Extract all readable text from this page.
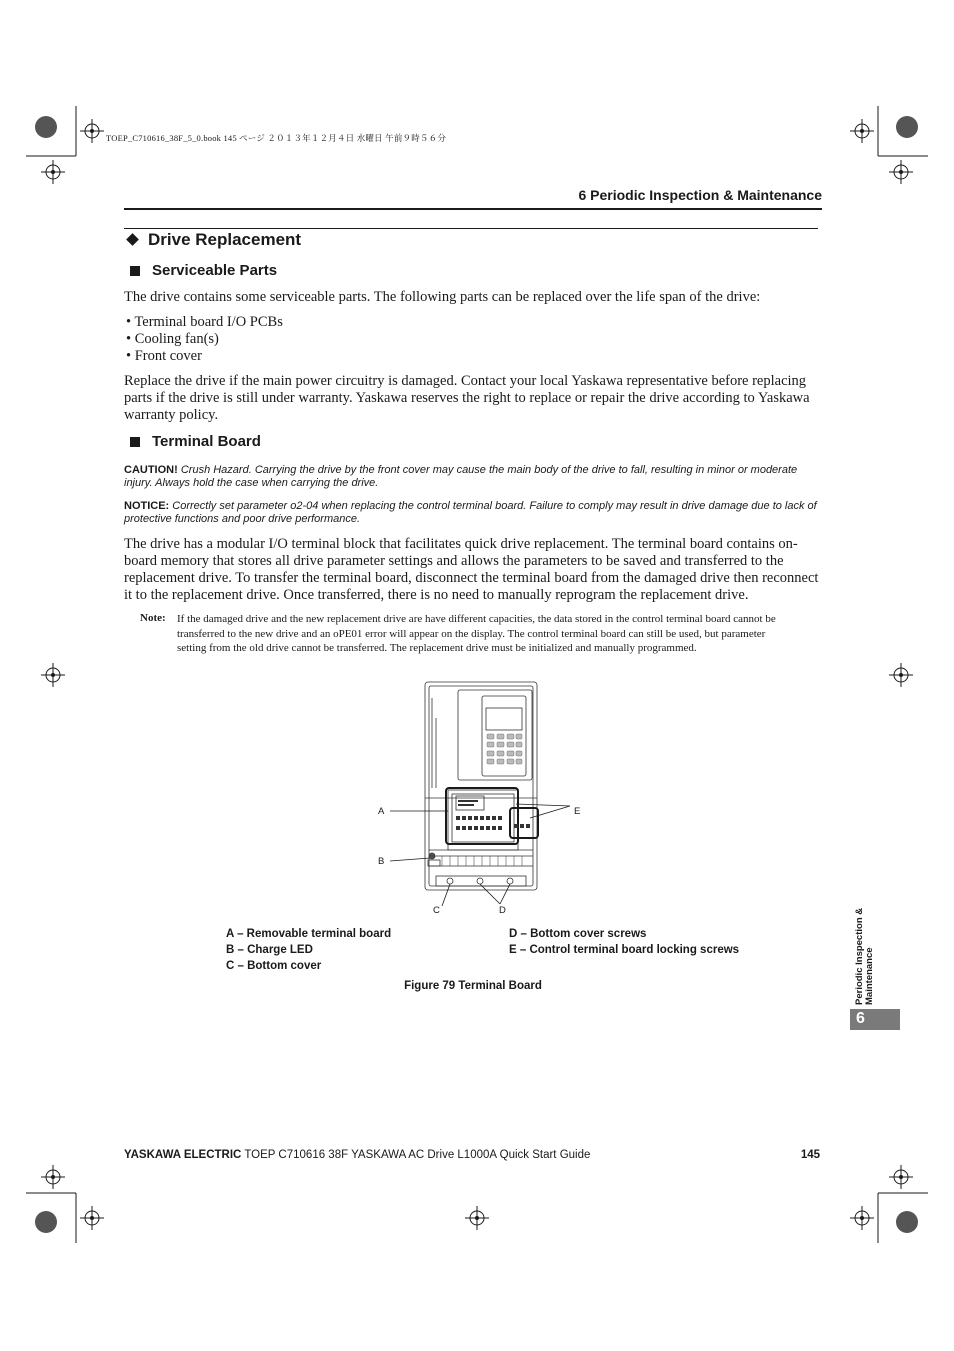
TOEP_C710616_38F_5_0.book 145 ページ ２０１３年１２月４日 水曜日 午前９時５６分
6 Periodic Inspection & Maintenance
Drive Replacement
Serviceable Parts
The drive contains some serviceable parts. The following parts can be replaced over the life span of the drive:
• Terminal board I/O PCBs
• Cooling fan(s)
• Front cover
Replace the drive if the main power circuitry is damaged. Contact your local Yaskawa representative before replacing parts if the drive is still under warranty. Yaskawa reserves the right to replace or repair the drive according to Yaskawa warranty policy.
Terminal Board
CAUTION! Crush Hazard. Carrying the drive by the front cover may cause the main body of the drive to fall, resulting in minor or moderate injury. Always hold the case when carrying the drive.
NOTICE: Correctly set parameter o2-04 when replacing the control terminal board. Failure to comply may result in drive damage due to lack of protective functions and poor drive performance.
The drive has a modular I/O terminal block that facilitates quick drive replacement. The terminal board contains on-board memory that stores all drive parameter settings and allows the parameters to be saved and transferred to the replacement drive. To transfer the terminal board, disconnect the terminal board from the damaged drive then reconnect it to the replacement drive. Once transferred, there is no need to manually reprogram the replacement drive.
Note: If the damaged drive and the new replacement drive are have different capacities, the data stored in the control terminal board cannot be transferred to the new drive and an oPE01 error will appear on the display. The control terminal board can still be used, but parameter setting from the old drive cannot be transferred. The replacement drive must be initialized and manually programmed.
A
B
C	D
E
A – Removable terminal board
B – Charge LED
C – Bottom cover
D – Bottom cover screws
E – Control terminal board locking screws
Figure 79 Terminal Board	Periodic Inspection & Maintenance
6
YASKAWA ELECTRIC TOEP C710616 38F YASKAWA AC Drive L1000A Quick Start Guide	145
